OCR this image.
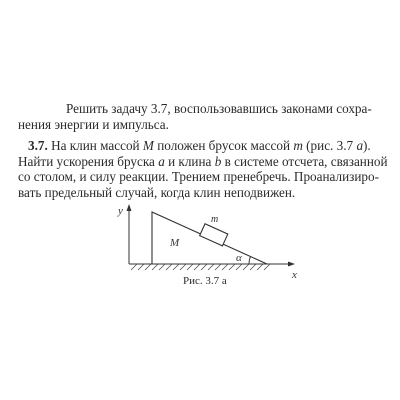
Решить задачу 3.7, воспользовавшись законами сохра-
нения энергии и импульса.

3.7. На клин массой M положен брусок массой m (рис. 3.7 а). Найти ускорения бруска a и клина b в системе отсчета, связанной со столом, и силу реакции. Трением пренебречь. Проанализиро-вать предельный случай, когда клин неподвижен.

y
x
M
α
m

Рис. 3.7 а
